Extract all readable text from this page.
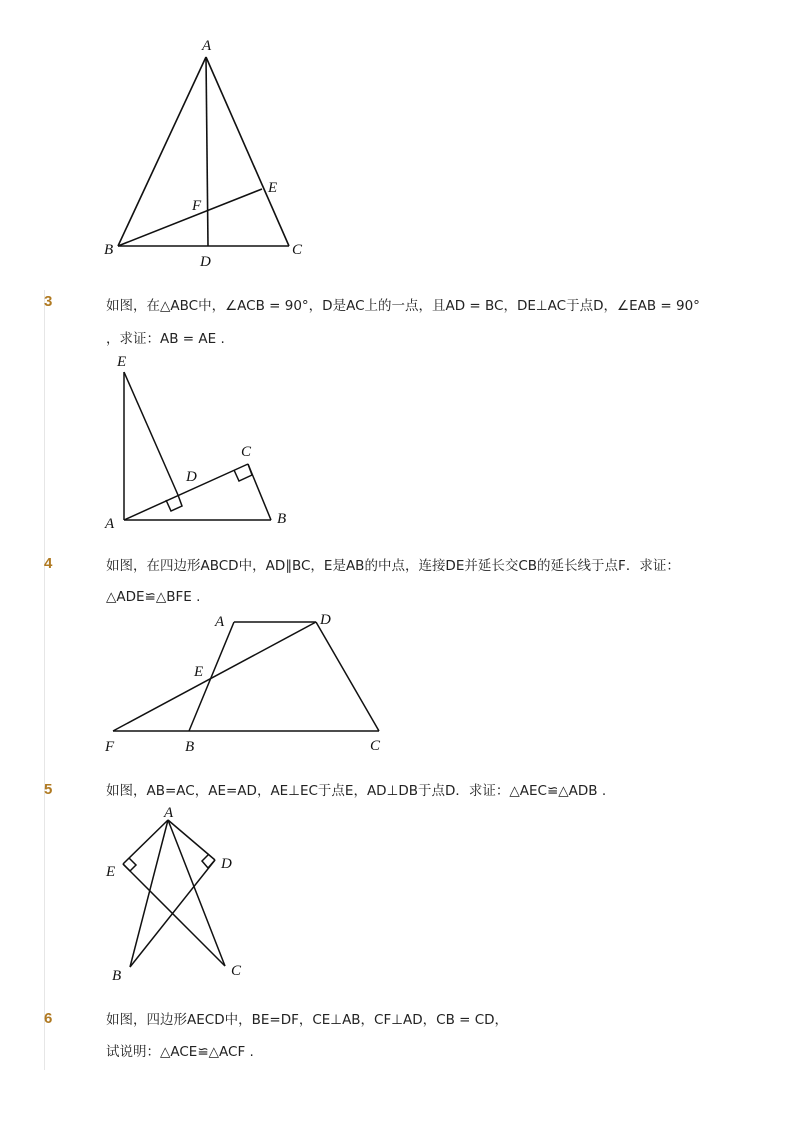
A
B	C
D
E
F
3	如图，在△ABC中，∠ACB = 90°，D是AC上的一点，且AD = BC，DE⊥AC于点D，∠EAB = 90°
，求证：AB = AE .
E
D
C
A	B
4	如图，在四边形ABCD中，AD∥BC，E是AB的中点，连接DE并延长交CB的延长线于点F．求证：
△ADE≌△BFE .
A	D
E
F	B	C
5	如图，AB=AC，AE=AD，AE⊥EC于点E，AD⊥DB于点D．求证：△AEC≌△ADB .
A
E	D
B	C
6	如图，四边形AECD中，BE=DF，CE⊥AB，CF⊥AD，CB = CD，
试说明：△ACE≌△ACF .
